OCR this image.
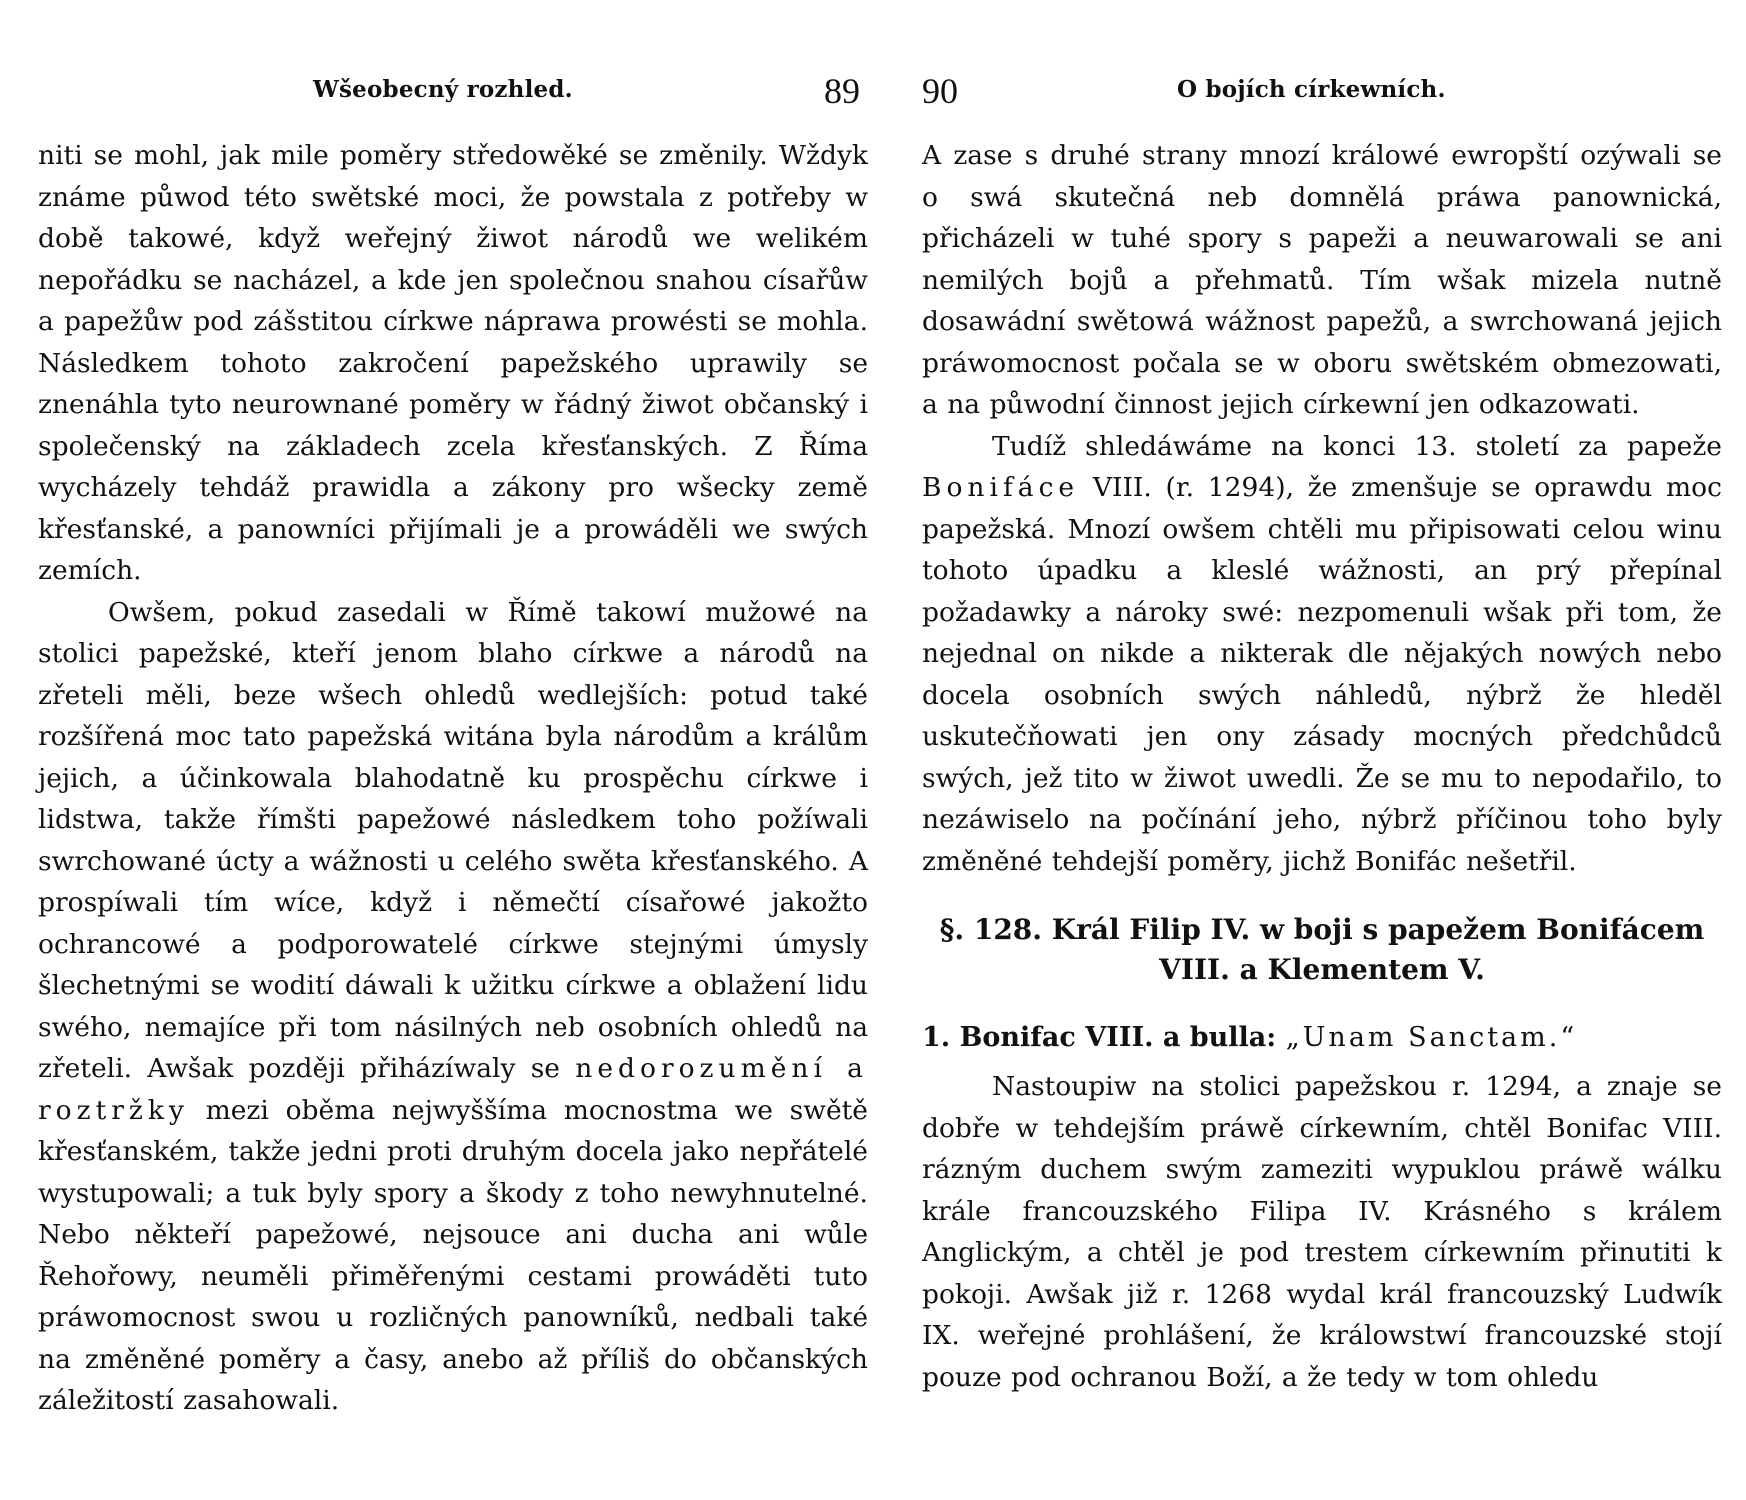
Wšeobecný rozhled.	89

niti se mohl, jak mile poměry středowěké se změnily. Wždyk známe půwod této swětské moci, že powstala z potřeby w době takowé, když weřejný žiwot národů we welikém nepořádku se nacházel, a kde jen společnou snahou císařůw a papežůw pod zášstitou církwe náprawa prowésti se mohla. Následkem tohoto zakročení papežského uprawily se znenáhla tyto neurownané poměry w řádný žiwot občanský i společenský na základech zcela křesťanských. Z Říma wycházely tehdáž prawidla a zákony pro wšecky země křesťanské, a panowníci přijímali je a prowáděli we swých zemích.

Owšem, pokud zasedali w Římě takowí mužowé na stolici papežské, kteří jenom blaho církwe a národů na zřeteli měli, beze wšech ohledů wedlejších: potud také rozšířená moc tato papežská witána byla národům a králům jejich, a účinkowala blahodatně ku prospěchu církwe i lidstwa, takže římšti papežowé následkem toho požíwali swrchowané úcty a wážnosti u celého swěta křesťanského. A prospíwali tím wíce, když i němečtí císařowé jakožto ochrancowé a podporowatelé církwe stejnými úmysly šlechetnými se wodití dáwali k užitku církwe a oblažení lidu swého, nemajíce při tom násilných neb osobních ohledů na zřeteli. Awšak později přiházíwaly se nedorozumění a roztržky mezi oběma nejwyššíma mocnostma we swětě křesťanském, takže jedni proti druhým docela jako nepřátelé wystupowali; a tuk byly spory a škody z toho newyhnutelné. Nebo někteří papežowé, nejsouce ani ducha ani wůle Řehořowy, neuměli přiměřenými cestami prowáděti tuto práwomocnost swou u rozličných panowníků, nedbali také na změněné poměry a časy, anebo až příliš do občanských záležitostí zasahowali.

90	O bojích církewních.

A zase s druhé strany mnozí králowé ewropští ozýwali se o swá skutečná neb domnělá práwa panownická, přicházeli w tuhé spory s papeži a neuwarowali se ani nemilých bojů a přehmatů. Tím wšak mizela nutně dosawádní swětowá wážnost papežů, a swrchowaná jejich práwomocnost počala se w oboru swětském obmezowati, a na půwodní činnost jejich církewní jen odkazowati.

Tudíž shledáwáme na konci 13. století za papeže Bonifáce VIII. (r. 1294), že zmenšuje se oprawdu moc papežská. Mnozí owšem chtěli mu připisowati celou winu tohoto úpadku a kleslé wážnosti, an prý přepínal požadawky a nároky swé: nezpomenuli wšak při tom, že nejednal on nikde a nikterak dle nějakých nowých nebo docela osobních swých náhledů, nýbrž že hleděl uskutečňowati jen ony zásady mocných předchůdců swých, jež tito w žiwot uwedli. Že se mu to nepodařilo, to nezáwiselo na počínání jeho, nýbrž příčinou toho byly změněné tehdejší poměry, jichž Bonifác nešetřil.

§. 128. Král Filip IV. w boji s papežem Bonifácem VIII. a Klementem V.
1. Bonifac VIII. a bulla: „Unam Sanctam.“

Nastoupiw na stolici papežskou r. 1294, a znaje se dobře w tehdejším práwě církewním, chtěl Bonifac VIII. rázným duchem swým zameziti wypuklou práwě wálku krále francouzského Filipa IV. Krásného s králem Anglickým, a chtěl je pod trestem církewním přinutiti k pokoji. Awšak již r. 1268 wydal král francouzský Ludwík IX. weřejné prohlášení, že králowstwí francouzské stojí pouze pod ochranou Boží, a že tedy w tom ohledu
